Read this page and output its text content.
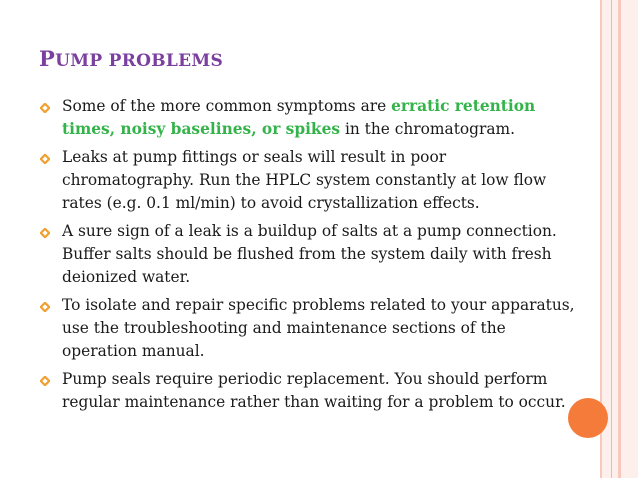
PUMP PROBLEMS
Some of the more common symptoms are erratic retention times, noisy baselines, or spikes in the chromatogram.
Leaks at pump fittings or seals will result in poor chromatography. Run the HPLC system constantly at low flow rates (e.g. 0.1 ml/min) to avoid crystallization effects.
A sure sign of a leak is a buildup of salts at a pump connection. Buffer salts should be flushed from the system daily with fresh deionized water.
To isolate and repair specific problems related to your apparatus, use the troubleshooting and maintenance sections of the operation manual.
Pump seals require periodic replacement. You should perform regular maintenance rather than waiting for a problem to occur.
